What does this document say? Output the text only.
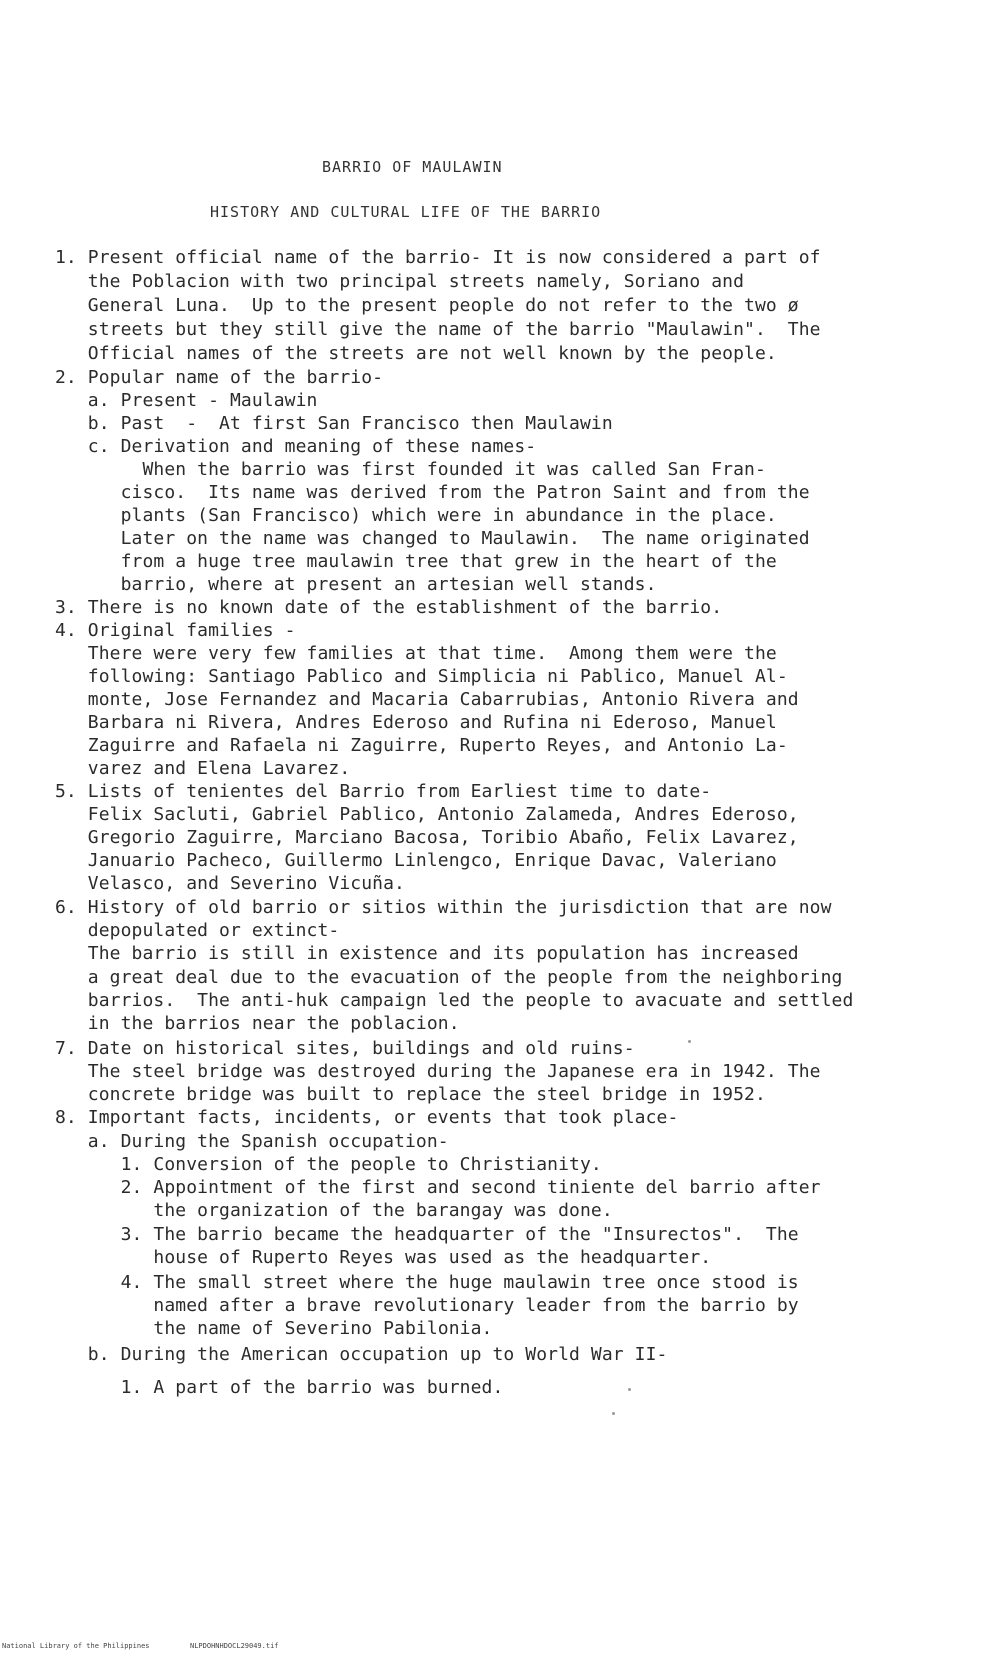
BARRIO OF MAULAWIN
HISTORY AND CULTURAL LIFE OF THE BARRIO
1. Present official name of the barrio- It is now considered a part of
the Poblacion with two principal streets namely, Soriano and
General Luna.  Up to the present people do not refer to the two ø
streets but they still give the name of the barrio "Maulawin".  The
Official names of the streets are not well known by the people.
2. Popular name of the barrio-
a. Present - Maulawin
b. Past  -  At first San Francisco then Maulawin
c. Derivation and meaning of these names-
When the barrio was first founded it was called San Fran-
cisco.  Its name was derived from the Patron Saint and from the
plants (San Francisco) which were in abundance in the place.
Later on the name was changed to Maulawin.  The name originated
from a huge tree maulawin tree that grew in the heart of the
barrio, where at present an artesian well stands.
3. There is no known date of the establishment of the barrio.
4. Original families -
There were very few families at that time.  Among them were the
following: Santiago Pablico and Simplicia ni Pablico, Manuel Al-
monte, Jose Fernandez and Macaria Cabarrubias, Antonio Rivera and
Barbara ni Rivera, Andres Ederoso and Rufina ni Ederoso, Manuel
Zaguirre and Rafaela ni Zaguirre, Ruperto Reyes, and Antonio La-
varez and Elena Lavarez.
5. Lists of tenientes del Barrio from Earliest time to date-
Felix Sacluti, Gabriel Pablico, Antonio Zalameda, Andres Ederoso,
Gregorio Zaguirre, Marciano Bacosa, Toribio Abaño, Felix Lavarez,
Januario Pacheco, Guillermo Linlengco, Enrique Davac, Valeriano
Velasco, and Severino Vicuña.
6. History of old barrio or sitios within the jurisdiction that are now
depopulated or extinct-
The barrio is still in existence and its population has increased
a great deal due to the evacuation of the people from the neighboring
barrios.  The anti-huk campaign led the people to avacuate and settled
in the barrios near the poblacion.
7. Date on historical sites, buildings and old ruins-
The steel bridge was destroyed during the Japanese era in 1942. The
concrete bridge was built to replace the steel bridge in 1952.
8. Important facts, incidents, or events that took place-
a. During the Spanish occupation-
1. Conversion of the people to Christianity.
2. Appointment of the first and second tiniente del barrio after
the organization of the barangay was done.
3. The barrio became the headquarter of the "Insurectos".  The
house of Ruperto Reyes was used as the headquarter.
4. The small street where the huge maulawin tree once stood is
named after a brave revolutionary leader from the barrio by
the name of Severino Pabilonia.
b. During the American occupation up to World War II-
1. A part of the barrio was burned.
National Library of the Philippines	NLPDOHNHDOCL29049.tif
